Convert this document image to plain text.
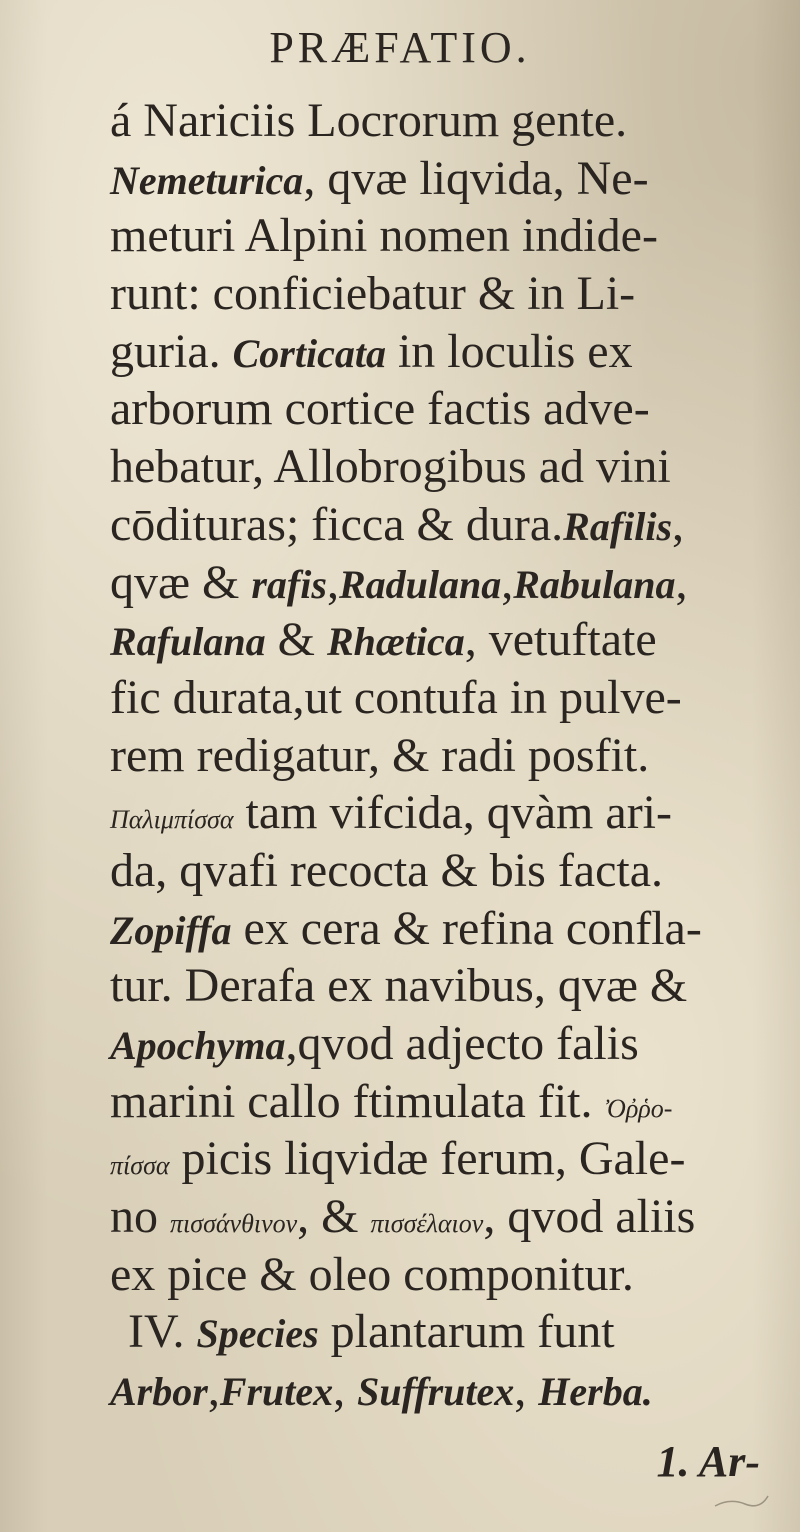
PRÆFATIO.
á Nariciis Locrorum gente.
Nemeturica, qvæ liqvida, Ne-
meturi Alpini nomen indide-
runt: conficiebatur & in Li-
guria. Corticata in loculis ex
arborum cortice factis adve-
hebatur, Allobrogibus ad vini
cōdituras; ficca & dura.Rafilis,
qvæ & rafis,Radulana,Rabulana,
Rafulana & Rhætica, vetuftate
fic durata,ut contufa in pulve-
rem redigatur, & radi posfit.
Παλιμπίσσα tam vifcida, qvàm ari-
da, qvafi recocta & bis facta.
Zopiffa ex cera & refina confla-
tur. Derafa ex navibus, qvæ &
Apochyma,qvod adjecto falis
marini callo ftimulata fit. Ὀῤῥο-
πίσσα picis liqvidæ ferum, Gale-
no πισσάνθινον, & πισσέλαιον, qvod aliis
ex pice & oleo componitur.
IV. Species plantarum funt
Arbor,Frutex, Suffrutex, Herba.
1. Ar-
